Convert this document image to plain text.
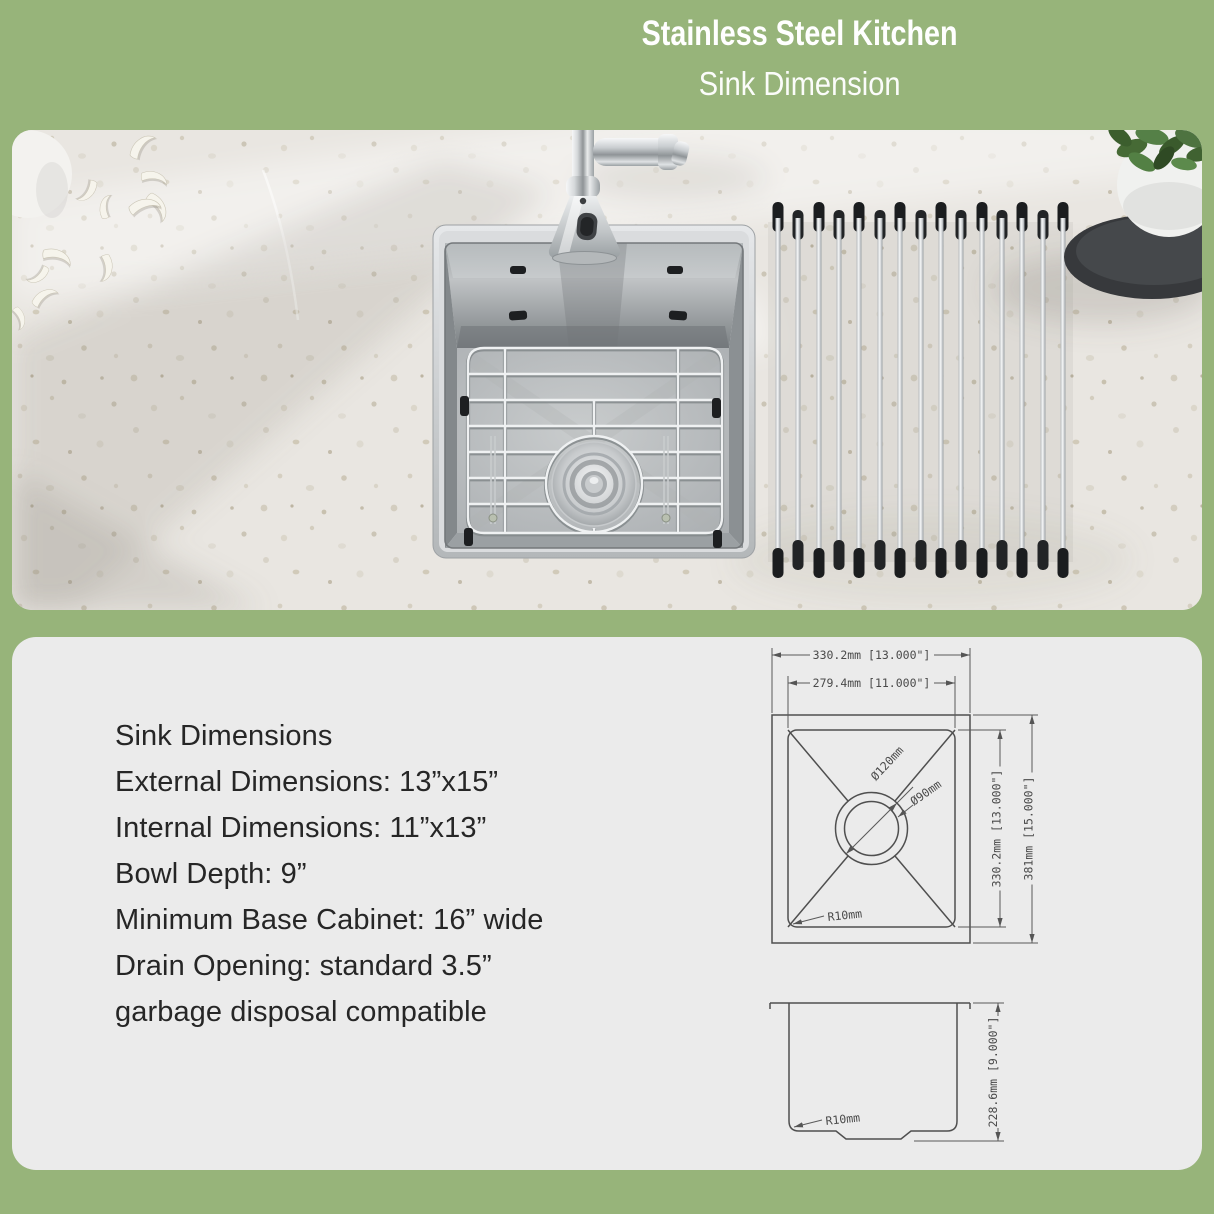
Stainless Steel Kitchen
Sink Dimension
Sink Dimensions
External Dimensions: 13”x15”
Internal Dimensions: 11”x13”
Bowl Depth: 9”
Minimum Base Cabinet: 16” wide
Drain Opening: standard 3.5”
garbage disposal compatible
330.2mm [13.000"]
279.4mm [11.000"]
330.2mm [13.000"] 381mm [15.000"]
Ø120mm
Ø90mm
R10mm
228.6mm [9.000"]
R10mm
